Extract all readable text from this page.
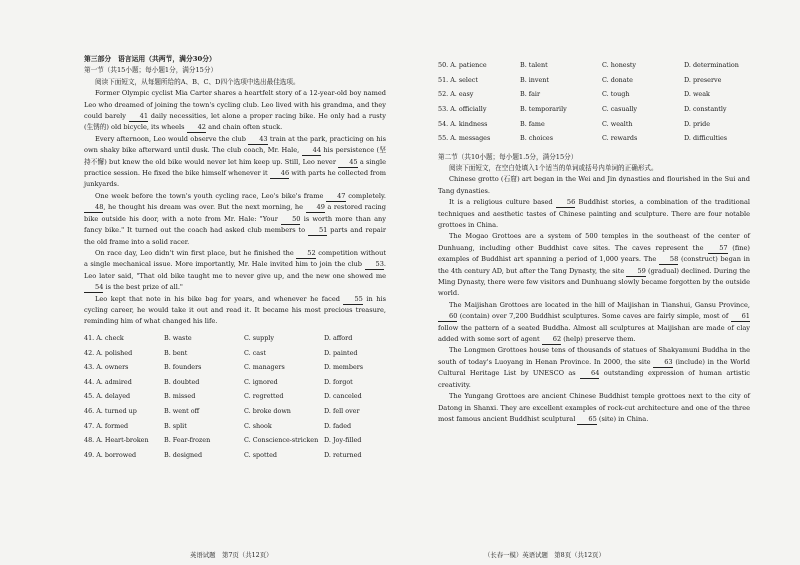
第三部分　语言运用（共两节，满分30分）

第一节（共15小题；每小题1分，满分15分）

阅读下面短文，从每题所给的A、B、C、D四个选项中选出最佳选项。

Former Olympic cyclist Mia Carter shares a heartfelt story of a 12-year-old boy named Leo who dreamed of joining the town's cycling club. Leo lived with his grandma, and they could barely 41 daily necessities, let alone a proper racing bike. He only had a rusty (生锈的) old bicycle, its wheels 42 and chain often stuck.

Every afternoon, Leo would observe the club 43 train at the park, practicing on his own shaky bike afterward until dusk. The club coach, Mr. Hale, 44 his persistence (坚持不懈) but knew the old bike would never let him keep up. Still, Leo never 45 a single practice session. He fixed the bike himself whenever it 46 with parts he collected from junkyards.

One week before the town's youth cycling race, Leo's bike's frame 47 completely. 48, he thought his dream was over. But the next morning, he 49 a restored racing bike outside his door, with a note from Mr. Hale: "Your 50 is worth more than any fancy bike." It turned out the coach had asked club members to 51 parts and repair the old frame into a solid racer.

On race day, Leo didn't win first place, but he finished the 52 competition without a single mechanical issue. More importantly, Mr. Hale invited him to join the club 53. Leo later said, "That old bike taught me to never give up, and the new one showed me 54 is the best prize of all."

Leo kept that note in his bike bag for years, and whenever he faced 55 in his cycling career, he would take it out and read it. It became his most precious treasure, reminding him of what changed his life.

41. A. check	B. waste	C. supply	D. afford
42. A. polished	B. bent	C. cast	D. painted
43. A. owners	B. founders	C. managers	D. members
44. A. admired	B. doubted	C. ignored	D. forgot
45. A. delayed	B. missed	C. regretted	D. canceled
46. A. turned up	B. went off	C. broke down	D. fell over
47. A. formed	B. split	C. shook	D. faded
48. A. Heart-broken	B. Fear-frozen	C. Conscience-stricken	D. Joy-filled
49. A. borrowed	B. designed	C. spotted	D. returned
英语试题　第7页（共12页）
50. A. patience	B. talent	C. honesty	D. determination
51. A. select	B. invent	C. donate	D. preserve
52. A. easy	B. fair	C. tough	D. weak
53. A. officially	B. temporarily	C. casually	D. constantly
54. A. kindness	B. fame	C. wealth	D. pride
55. A. messages	B. choices	C. rewards	D. difficulties

第二节（共10小题；每小题1.5分，满分15分）

阅读下面短文，在空白处填入1个适当的单词或括号内单词的正确形式。

Chinese grotto (石窟) art began in the Wei and Jin dynasties and flourished in the Sui and Tang dynasties.

It is a religious culture based 56 Buddhist stories, a combination of the traditional techniques and aesthetic tastes of Chinese painting and sculpture. There are four notable grottoes in China.

The Mogao Grottoes are a system of 500 temples in the southeast of the center of Dunhuang, including other Buddhist cave sites. The caves represent the 57 (fine) examples of Buddhist art spanning a period of 1,000 years. The 58 (construct) began in the 4th century AD, but after the Tang Dynasty, the site 59 (gradual) declined. During the Ming Dynasty, there were few visitors and Dunhuang slowly became forgotten by the outside world.

The Maijishan Grottoes are located in the hill of Maijishan in Tianshui, Gansu Province, 60 (contain) over 7,200 Buddhist sculptures. Some caves are fairly simple, most of 61 follow the pattern of a seated Buddha. Almost all sculptures at Maijishan are made of clay added with some sort of agent 62 (help) preserve them.

The Longmen Grottoes house tens of thousands of statues of Shakyamuni Buddha in the south of today's Luoyang in Henan Province. In 2000, the site 63 (include) in the World Cultural Heritage List by UNESCO as 64 outstanding expression of human artistic creativity.

The Yungang Grottoes are ancient Chinese Buddhist temple grottoes next to the city of Datong in Shanxi. They are excellent examples of rock-cut architecture and one of the three most famous ancient Buddhist sculptural 65 (site) in China.

（长春一模）英语试题　第8页（共12页）
